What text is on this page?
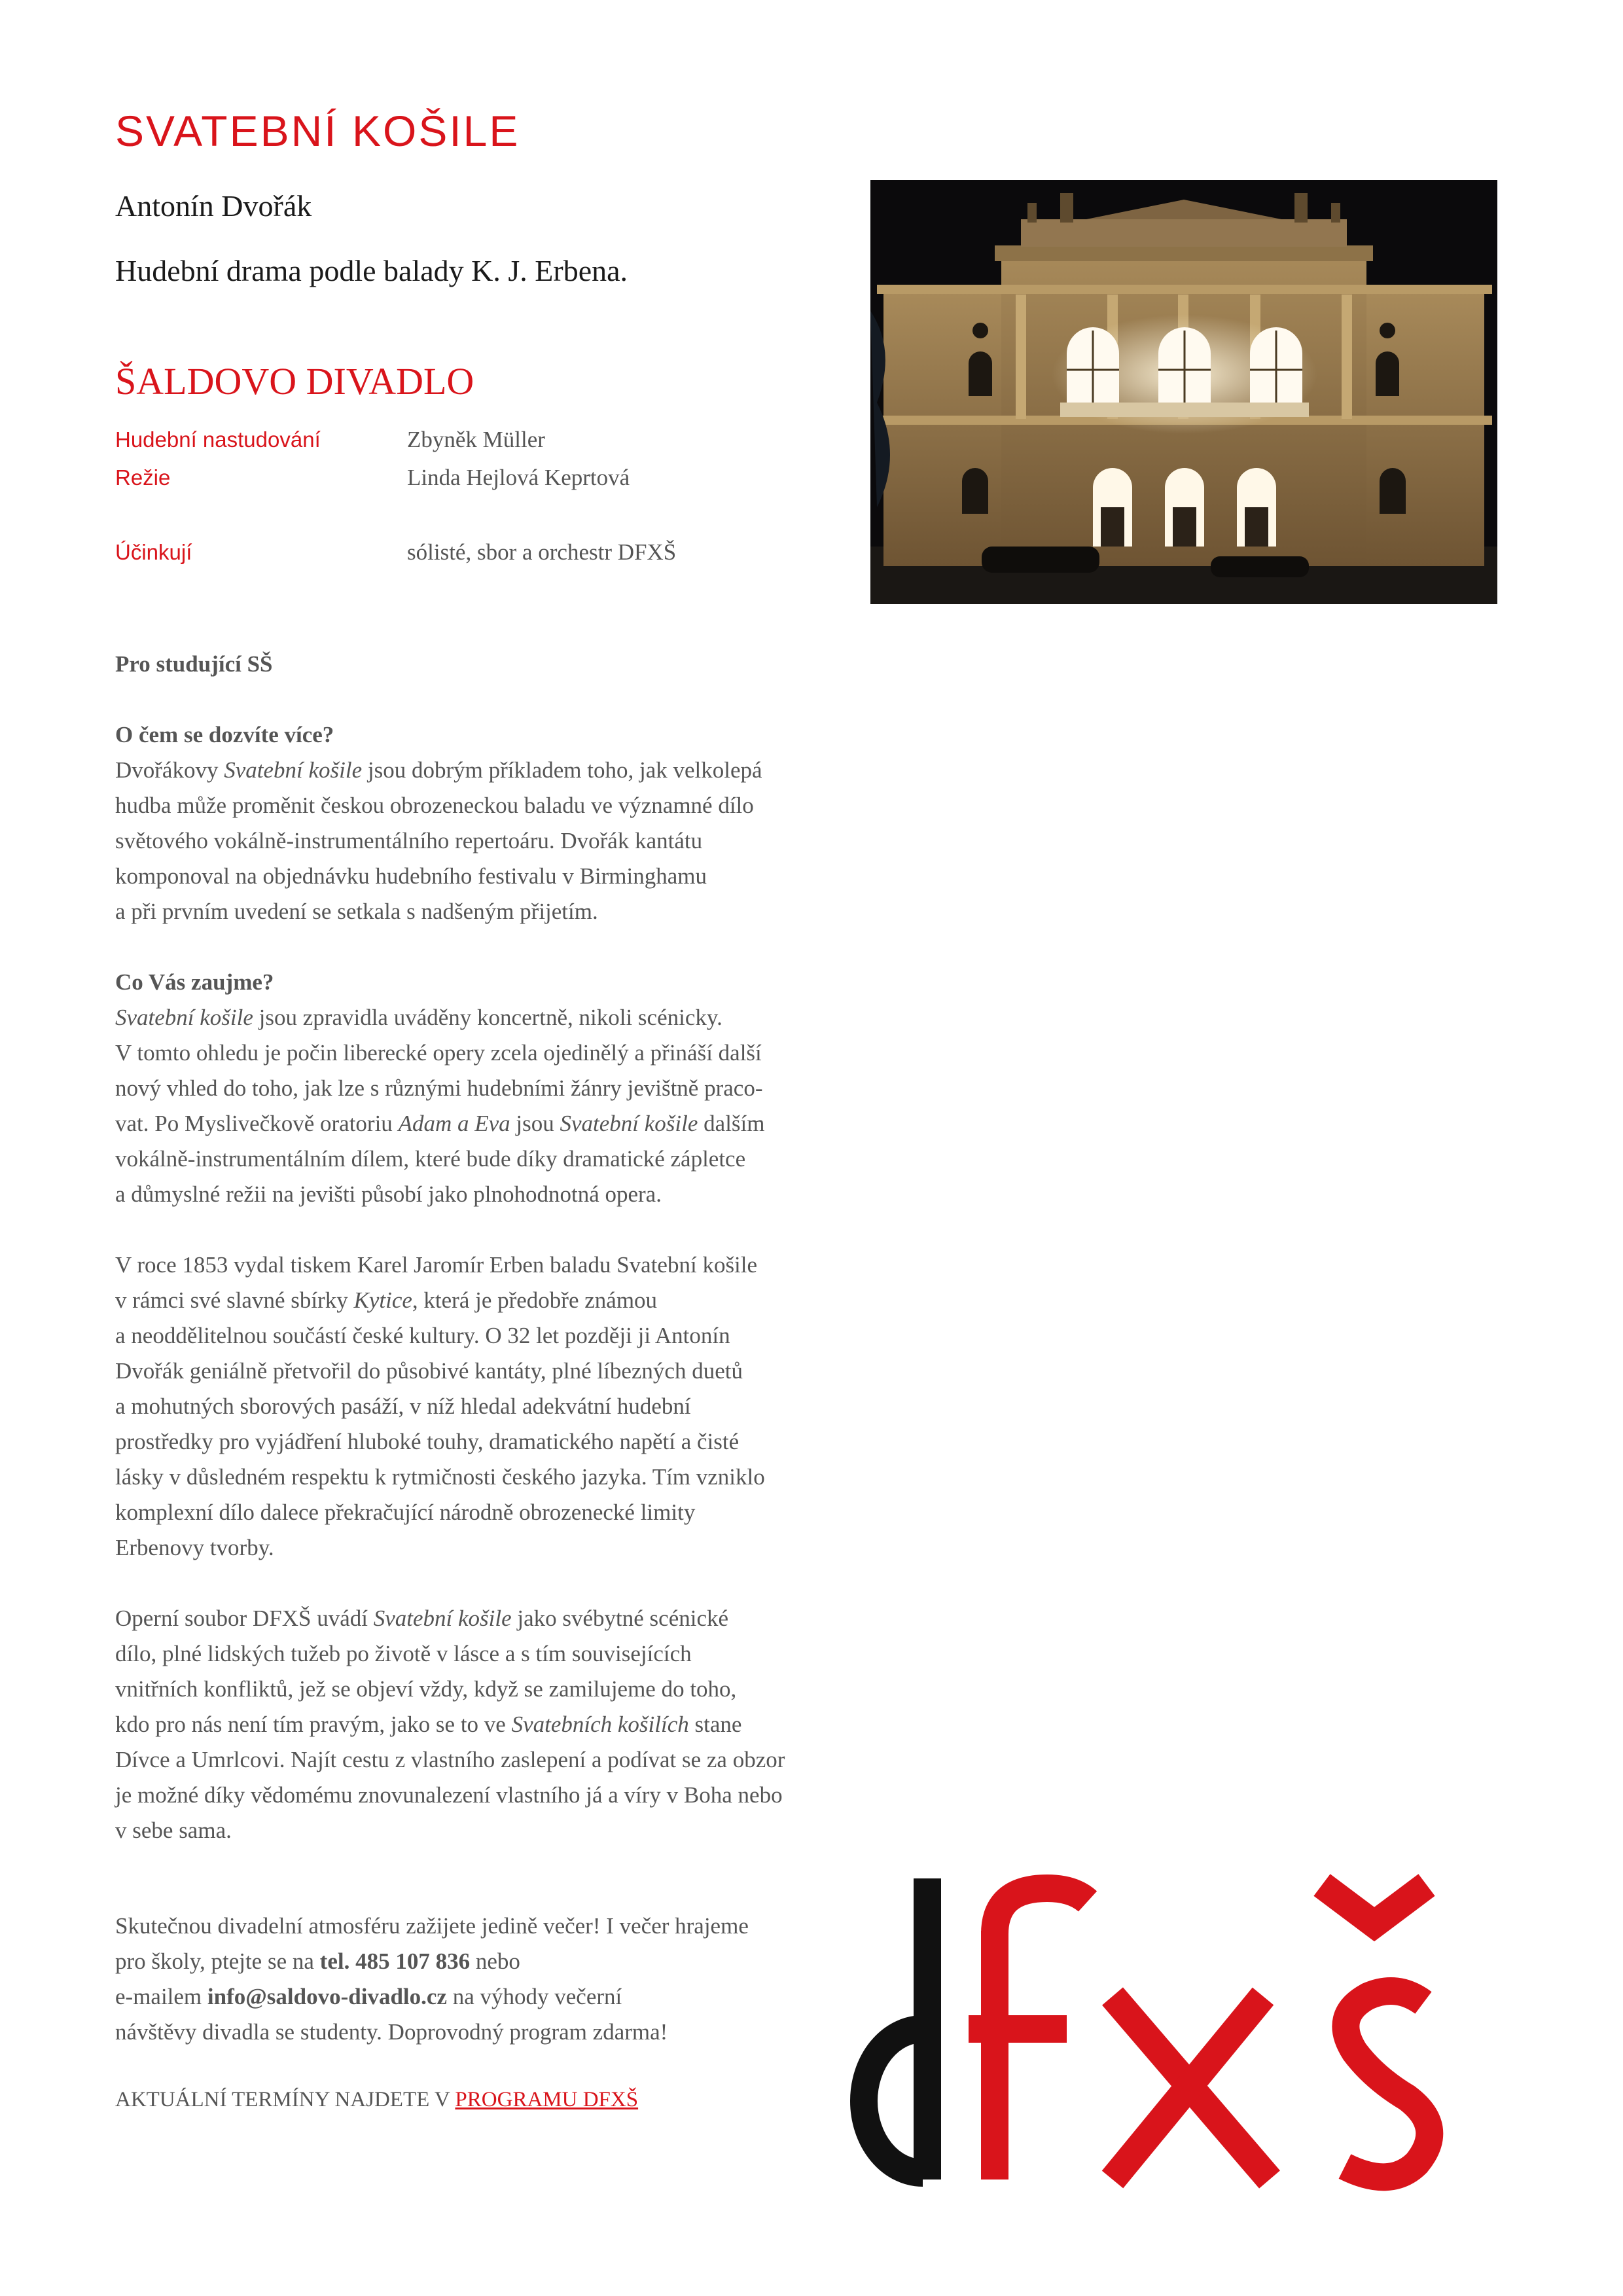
SVATEBNÍ KOŠILE
Antonín Dvořák
Hudební drama podle balady K. J. Erbena.
ŠALDOVO DIVADLO
Hudební nastudování	Zbyněk Müller
Režie	Linda Hejlová Keprtová
Účinkují	sólisté, sbor a orchestr DFXŠ

Pro studující SŠ

O čem se dozvíte více?

Dvořákovy Svatební košile jsou dobrým příkladem toho, jak velkolepá

hudba může proměnit českou obrozeneckou baladu ve významné dílo

světového vokálně-instrumentálního repertoáru. Dvořák kantátu

komponoval na objednávku hudebního festivalu v Birminghamu

a při prvním uvedení se setkala s nadšeným přijetím.

Co Vás zaujme?

Svatební košile jsou zpravidla uváděny koncertně, nikoli scénicky.

V tomto ohledu je počin liberecké opery zcela ojedinělý a přináší další

nový vhled do toho, jak lze s různými hudebními žánry jevištně praco-

vat. Po Myslivečkově oratoriu Adam a Eva jsou Svatební košile dalším

vokálně-instrumentálním dílem, které bude díky dramatické zápletce

a důmyslné režii na jevišti působí jako plnohodnotná opera.

V roce 1853 vydal tiskem Karel Jaromír Erben baladu Svatební košile

v rámci své slavné sbírky Kytice, která je předobře známou

a neoddělitelnou součástí české kultury. O 32 let později ji Antonín

Dvořák geniálně přetvořil do působivé kantáty, plné líbezných duetů

a mohutných sborových pasáží, v níž hledal adekvátní hudební

prostředky pro vyjádření hluboké touhy, dramatického napětí a čisté

lásky v důsledném respektu k rytmičnosti českého jazyka. Tím vzniklo

komplexní dílo dalece překračující národně obrozenecké limity

Erbenovy tvorby.

Operní soubor DFXŠ uvádí Svatební košile jako svébytné scénické

dílo, plné lidských tužeb po životě v lásce a s tím souvisejících

vnitřních konfliktů, jež se objeví vždy, když se zamilujeme do toho,

kdo pro nás není tím pravým, jako se to ve Svatebních košilích stane

Dívce a Umrlcovi. Najít cestu z vlastního zaslepení a podívat se za obzor

je možné díky vědomému znovunalezení vlastního já a víry v Boha nebo

v sebe sama.

Skutečnou divadelní atmosféru zažijete jedině večer! I večer hrajeme
pro školy, ptejte se na tel. 485 107 836 nebo
e-mailem info@saldovo-divadlo.cz na výhody večerní
návštěvy divadla se studenty. Doprovodný program zdarma!
AKTUÁLNÍ TERMÍNY NAJDETE V PROGRAMU DFXŠ
